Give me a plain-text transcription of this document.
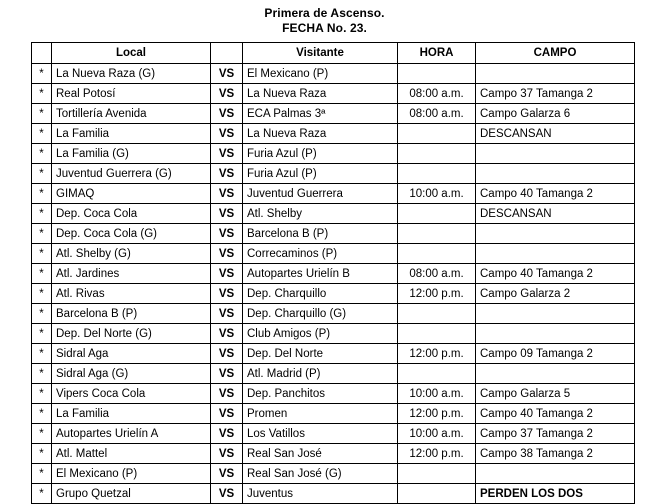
Primera de Ascenso.
FECHA No. 23.
	Local		Visitante	HORA	CAMPO
*	La Nueva Raza (G)	VS	El Mexicano (P)		
*	Real Potosí	VS	La Nueva Raza	08:00 a.m.	Campo 37 Tamanga 2
*	Tortillería Avenida	VS	ECA Palmas 3ª	08:00 a.m.	Campo Galarza 6
*	La Familia	VS	La Nueva Raza		DESCANSAN
*	La Familia (G)	VS	Furia Azul (P)		
*	Juventud Guerrera (G)	VS	Furia Azul (P)		
*	GIMAQ	VS	Juventud Guerrera	10:00 a.m.	Campo 40 Tamanga 2
*	Dep. Coca Cola	VS	Atl. Shelby		DESCANSAN
*	Dep. Coca Cola (G)	VS	Barcelona B (P)		
*	Atl. Shelby (G)	VS	Correcaminos (P)		
*	Atl. Jardines	VS	Autopartes Urielín B	08:00 a.m.	Campo 40 Tamanga 2
*	Atl. Rivas	VS	Dep. Charquillo	12:00 p.m.	Campo Galarza 2
*	Barcelona B (P)	VS	Dep. Charquillo (G)		
*	Dep. Del Norte (G)	VS	Club Amigos (P)		
*	Sidral Aga	VS	Dep. Del Norte	12:00 p.m.	Campo 09 Tamanga 2
*	Sidral Aga (G)	VS	Atl. Madrid (P)		
*	Vipers Coca Cola	VS	Dep. Panchitos	10:00 a.m.	Campo Galarza 5
*	La Familia	VS	Promen	12:00 p.m.	Campo 40 Tamanga 2
*	Autopartes Urielín A	VS	Los Vatillos	10:00 a.m.	Campo 37 Tamanga 2
*	Atl. Mattel	VS	Real San José	12:00 p.m.	Campo 38 Tamanga 2
*	El Mexicano (P)	VS	Real San José (G)		
*	Grupo Quetzal	VS	Juventus		PERDEN LOS DOS
